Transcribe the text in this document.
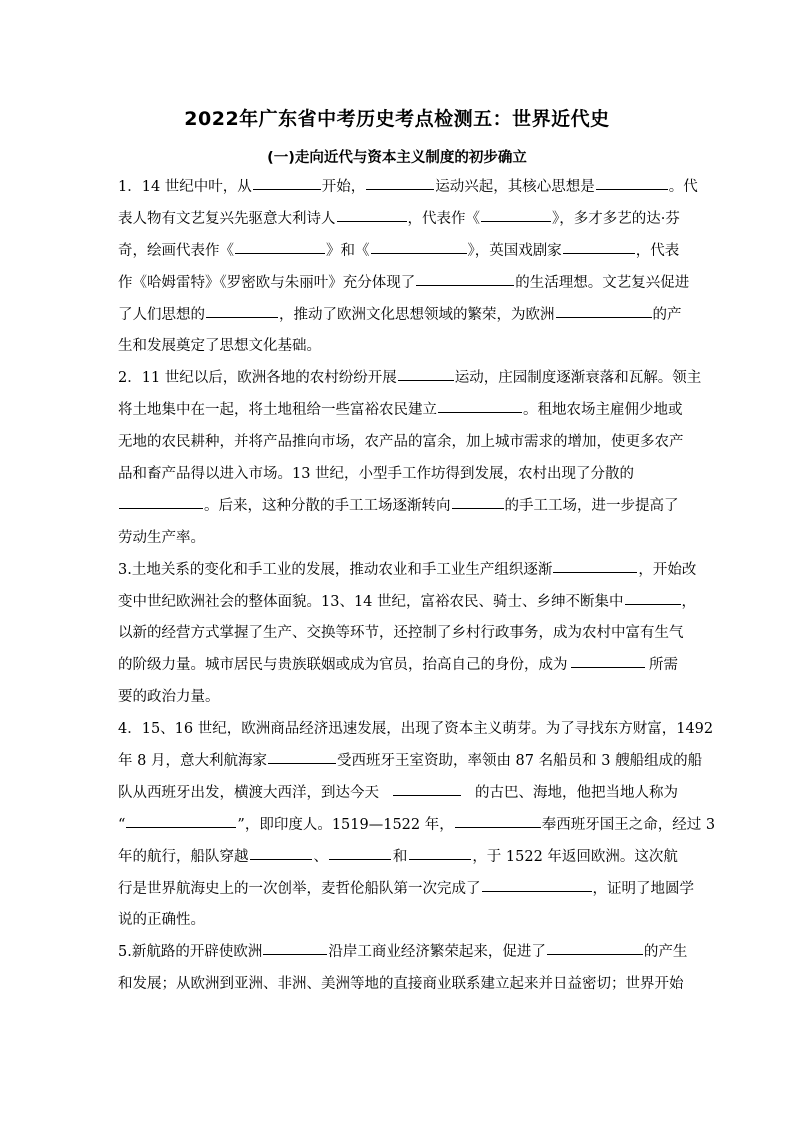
2022年广东省中考历史考点检测五：世界近代史
(一)走向近代与资本主义制度的初步确立
1．14 世纪中叶，从	开始，	运动兴起，其核心思想是	。代
表人物有文艺复兴先驱意大利诗人	，代表作《	》，多才多艺的达·芬
奇，绘画代表作《	》和《	》，英国戏剧家	，代表
作《哈姆雷特》《罗密欧与朱丽叶》充分体现了	的生活理想。文艺复兴促进
了人们思想的	，推动了欧洲文化思想领域的繁荣，为欧洲	的产
生和发展奠定了思想文化基础。
2．11 世纪以后，欧洲各地的农村纷纷开展	运动，庄园制度逐渐衰落和瓦解。领主
将土地集中在一起，将土地租给一些富裕农民建立	。租地农场主雇佣少地或
无地的农民耕种，并将产品推向市场，农产品的富余，加上城市需求的增加，使更多农产
品和畜产品得以进入市场。13 世纪，小型手工作坊得到发展，农村出现了分散的
。后来，这种分散的手工工场逐渐转向	的手工工场，进一步提高了
劳动生产率。
3.土地关系的变化和手工业的发展，推动农业和手工业生产组织逐渐	，开始改
变中世纪欧洲社会的整体面貌。13、14 世纪，富裕农民、骑士、乡绅不断集中	，
以新的经营方式掌握了生产、交换等环节，还控制了乡村行政事务，成为农村中富有生气
的阶级力量。城市居民与贵族联姻或成为官员，抬高自己的身份，成为	所需
要的政治力量。
4．15、16 世纪，欧洲商品经济迅速发展，出现了资本主义萌芽。为了寻找东方财富，1492
年 8 月，意大利航海家	受西班牙王室资助，率领由 87 名船员和 3 艘船组成的船
队从西班牙出发，横渡大西洋，到达今天	的古巴、海地，他把当地人称为
“	”，即印度人。1519—1522 年，	奉西班牙国王之命，经过 3
年的航行，船队穿越	、	和	，于 1522 年返回欧洲。这次航
行是世界航海史上的一次创举，麦哲伦船队第一次完成了	，证明了地圆学
说的正确性。
5.新航路的开辟使欧洲	沿岸工商业经济繁荣起来，促进了	的产生
和发展；从欧洲到亚洲、非洲、美洲等地的直接商业联系建立起来并日益密切；世界开始
